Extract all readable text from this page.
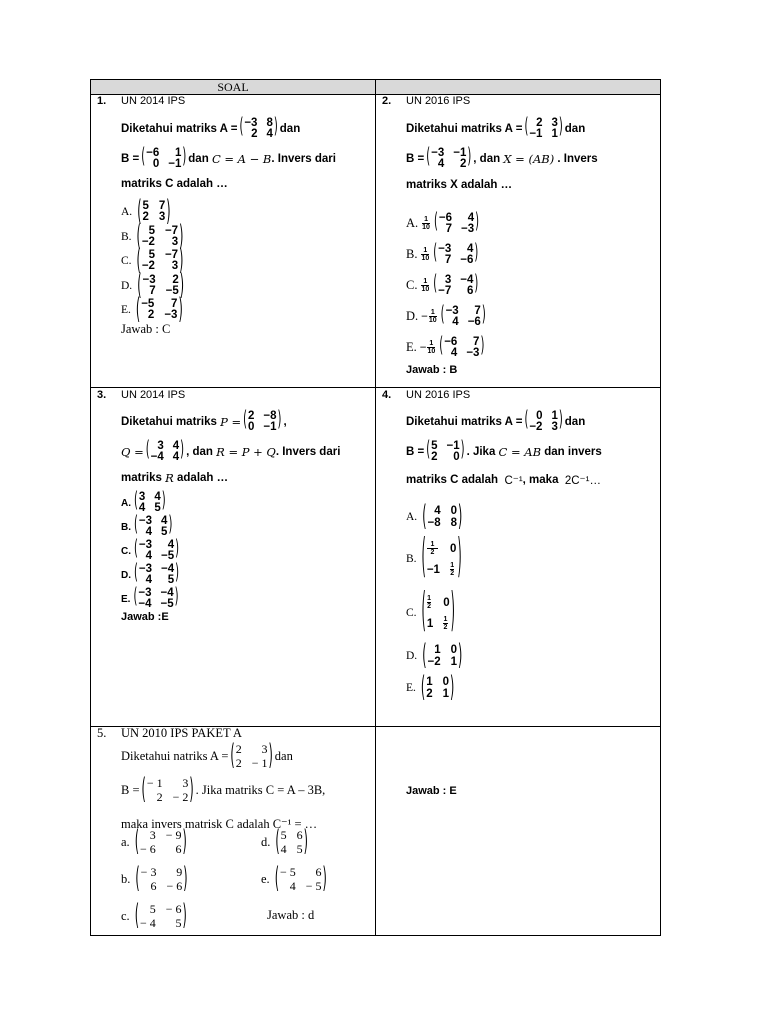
SOAL
1. UN 2014 IPS
Diketahui matriks A = ( −3 8
2 4 ) dan
B = ( −6	1
0 −1 ) dan
C = A − B . Invers dari
matriks C adalah …
A. ( 5 7
2 3 )
B. ( 5 −7
−2	3 )
C. ( 5 −7
−2	3 )
D. ( −3	2
7 −5 )
E. ( −5	7
2 −3 )
Jawab : C
2. UN 2016 IPS
Diketahui matriks A = ( 2 3
−1 1 ) dan
B = ( −3 −1
4	2 ) , dan
X = (AB)
. Invers
matriks X adalah …
A. $\frac{1}{10}$ ( −6	4
7 −3 )
B. $\frac{1}{10}$ ( −3	4
7 −6 )
C. $\frac{1}{10}$ ( 3 −4
−7	6 )
D. − $\frac{1}{10}$ ( −3	7
4 −6 )
E. − $\frac{1}{10}$ ( −6	7
4 −3 )
Jawab : B
3. UN 2014 IPS
Diketahui matriks
P = ( 2 −8
0 −1 ) ,
Q = ( 3 4
−4 4 ) , dan
R = P + Q . Invers dari
matriks
R
adalah …
A. ( 3 4
4 5 )
B. ( −3 4
4 5 )
C. ( −3	4
4 −5 )
D. ( −3 −4
4	5 )
E. ( −3 −4
−4 −5 )
Jawab :E
4. UN 2016 IPS
Diketahui matriks A = ( 0 1
−2 3 ) dan
B = ( 5 −1
2	0 ) . Jika
C = AB
dan invers
matriks C adalah
C⁻¹ , maka
2C⁻¹…
A. ( 4 0
−8 8 )
B. ( $\frac{1}{2} 0$
$-1 \frac{1}{2}$ )
C. ( $\frac{1}{2} 0$
$1 \frac{1}{2}$ )
D. ( 1 0
−2 1 )
E. ( 1 0
2 1 )
Jawab : E
5. UN 2010 IPS PAKET A
Diketahui natriks A = ( 2	3
2 − 1 ) dan
B = ( − 1	3
2 − 2 ) . Jika matriks C = A – 3B,
maka invers matrisk C adalah C⁻¹ = …
a. ( 3 − 9
− 6	6 )	d. ( 5 6
4 5 )
b. ( − 3	9
6 − 6 )	e. ( − 5	6
4 − 5 )
c. ( 5 − 6
− 4	5 )	Jawab : d
